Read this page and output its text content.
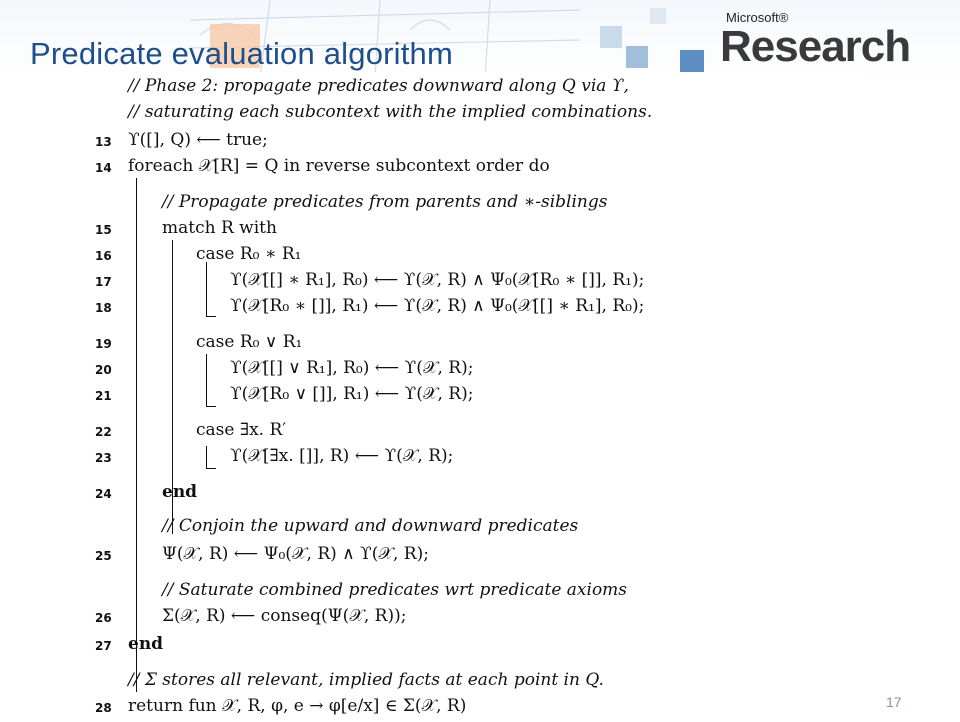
Predicate evaluation algorithm
Microsoft®
Research
// Phase 2: propagate predicates downward along Q via ϒ,
// saturating each subcontext with the implied combinations.
13 ϒ([], Q) ⟵ true;
14 foreach 𝒳[R] = Q in reverse subcontext order do
// Propagate predicates from parents and ∗-siblings
15	match R with
16	case R₀ ∗ R₁
17	ϒ(𝒳[[] ∗ R₁], R₀) ⟵ ϒ(𝒳, R) ∧ Ψ₀(𝒳[R₀ ∗ []], R₁);
18	ϒ(𝒳[R₀ ∗ []], R₁) ⟵ ϒ(𝒳, R) ∧ Ψ₀(𝒳[[] ∗ R₁], R₀);
19	case R₀ ∨ R₁
20	ϒ(𝒳[[] ∨ R₁], R₀) ⟵ ϒ(𝒳, R);
21	ϒ(𝒳[R₀ ∨ []], R₁) ⟵ ϒ(𝒳, R);
22	case ∃x. R′
23	ϒ(𝒳[∃x. []], R) ⟵ ϒ(𝒳, R);
24	end
// Conjoin the upward and downward predicates
25	Ψ(𝒳, R) ⟵ Ψ₀(𝒳, R) ∧ ϒ(𝒳, R);
// Saturate combined predicates wrt predicate axioms
26	Σ(𝒳, R) ⟵ conseq(Ψ(𝒳, R));
27 end
// Σ stores all relevant, implied facts at each point in Q.
28 return fun 𝒳, R, φ, e → φ[e/x] ∈ Σ(𝒳, R)	17
